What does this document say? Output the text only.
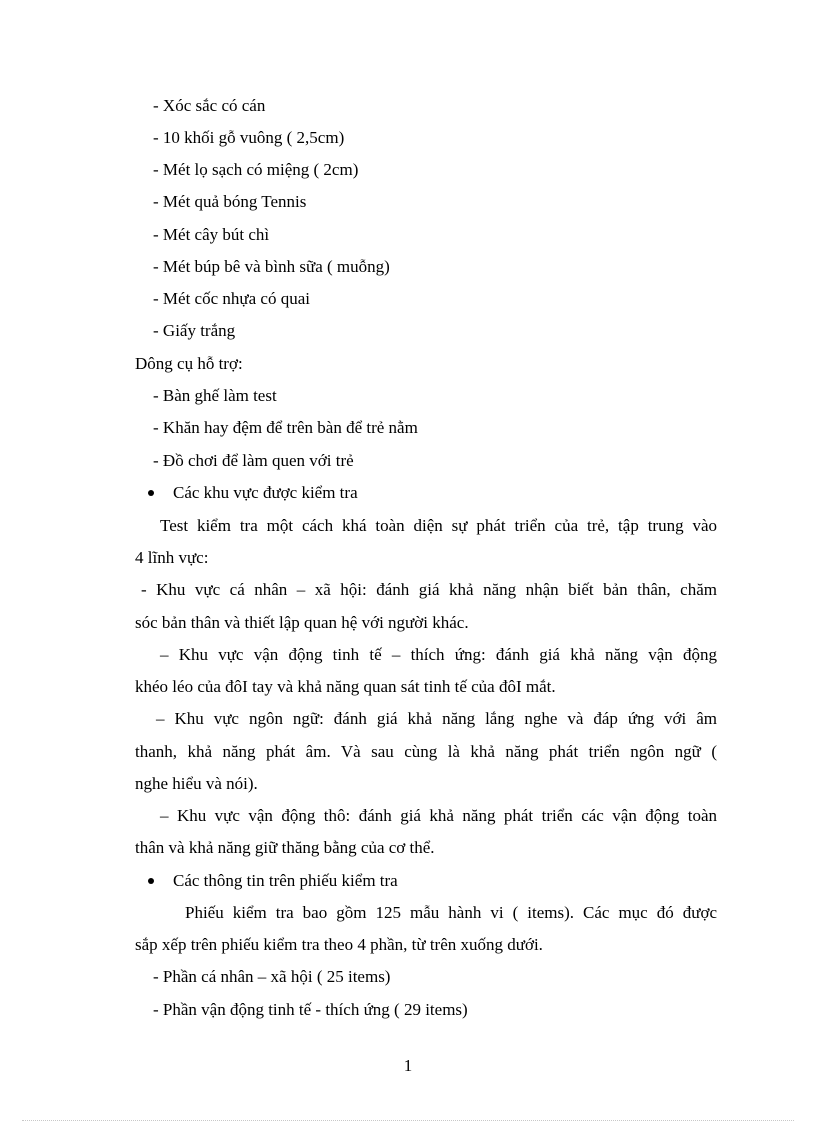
- Xóc sắc có cán
- 10 khối gỗ vuông ( 2,5cm)
- Mét lọ sạch có miệng ( 2cm)
- Mét quả bóng Tennis
- Mét cây bút chì
- Mét búp bê và bình sữa ( muỗng)
- Mét cốc nhựa có quai
- Giấy trắng
Dông cụ hỗ trợ:
- Bàn ghế làm test
- Khăn hay đệm để trên bàn để trẻ nằm
- Đồ chơi để làm quen với trẻ
Các khu vực được kiểm tra
Test kiểm tra một cách khá toàn diện sự phát triển của trẻ, tập trung vào
4 lĩnh vực:
- Khu vực cá nhân – xã hội: đánh giá khả năng nhận biết bản thân, chăm
sóc bản thân và thiết lập quan hệ với người khác.
– Khu vực vận động tinh tế – thích ứng: đánh giá khả năng vận động
khéo léo của đôI tay và khả năng quan sát tinh tế của đôI mắt.
– Khu vực ngôn ngữ: đánh giá khả năng lắng nghe và đáp ứng với âm
thanh, khả năng phát âm. Và sau cùng là khả năng phát triển ngôn ngữ (
nghe hiểu và nói).
– Khu vực vận động thô: đánh giá khả năng phát triển các vận động toàn
thân và khả năng giữ thăng bằng của cơ thể.
Các thông tin trên phiếu kiểm tra
Phiếu kiểm tra bao gồm 125 mẫu hành vi ( items). Các mục đó được
sắp xếp trên phiếu kiểm tra theo 4 phần, từ trên xuống dưới.
- Phần cá nhân – xã hội ( 25 items)
- Phần vận động tinh tế - thích ứng ( 29 items)
1
